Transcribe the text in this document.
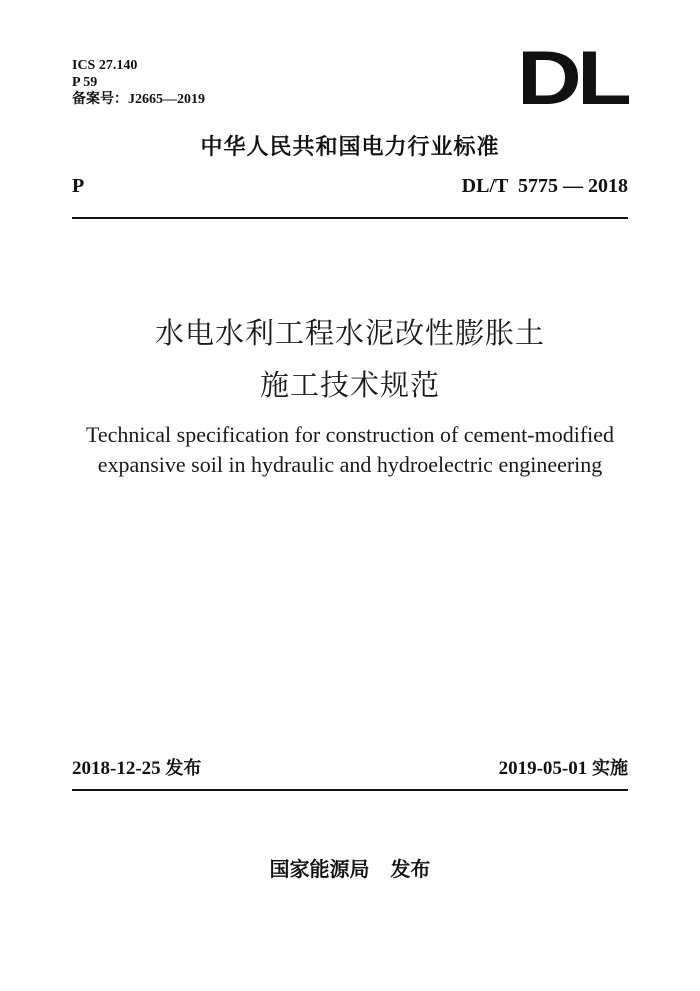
ICS 27.140
P 59
备案号：J2665—2019	DL
中华人民共和国电力行业标准
P	DL/T  5775 — 2018
水电水利工程水泥改性膨胀土
施工技术规范
Technical specification for construction of cement-modified
expansive soil in hydraulic and hydroelectric engineering
2018-12-25 发布	2019-05-01 实施
国家能源局   发布
